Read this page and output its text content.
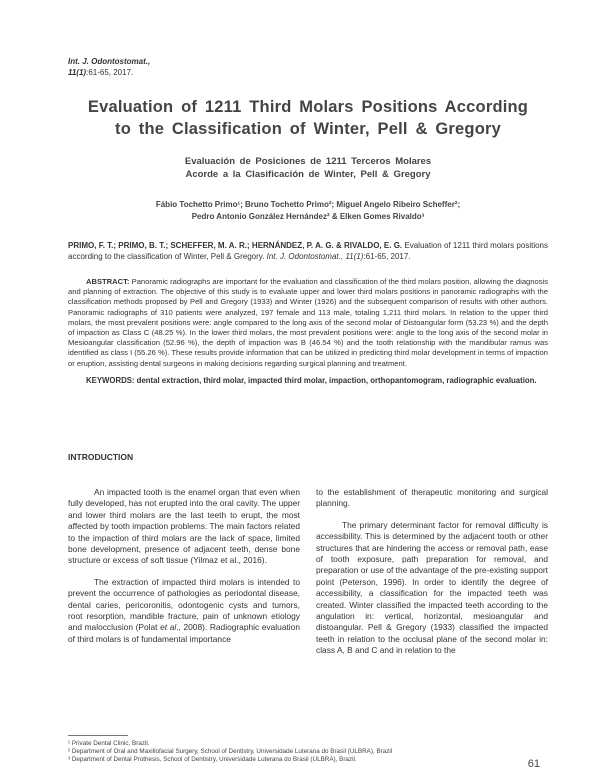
Int. J. Odontostomat.,
11(1):61-65, 2017.
Evaluation of 1211 Third Molars Positions According
to the Classification of Winter, Pell & Gregory
Evaluación de Posiciones de 1211 Terceros Molares
Acorde a la Clasificación de Winter, Pell & Gregory
Fábio Tochetto Primo¹; Bruno Tochetto Primo²; Miguel Angelo Ribeiro Scheffer²;
Pedro Antonio González Hernández² & Elken Gomes Rivaldo³
PRIMO, F. T.; PRIMO, B. T.; SCHEFFER, M. A. R.; HERNÁNDEZ, P. A. G. & RIVALDO, E. G. Evaluation of 1211 third molars positions according to the classification of Winter, Pell & Gregory. Int. J. Odontostomat., 11(1):61-65, 2017.
ABSTRACT: Panoramic radiographs are important for the evaluation and classification of the third molars position, allowing the diagnosis and planning of extraction. The objective of this study is to evaluate upper and lower third molars positions in panoramic radiographs with the classification methods proposed by Pell and Gregory (1933) and Winter (1926) and the subsequent comparison of results with other authors. Panoramic radiographs of 310 patients were analyzed, 197 female and 113 male, totaling 1,211 third molars. In relation to the upper third molars, the most prevalent positions were: angle compared to the long axis of the second molar of Distoangular form (53.23 %) and the depth of impaction as Class C (48.25 %). In the lower third molars, the most prevalent positions were: angle to the long axis of the second molar in Mesioangular classification (52.96 %), the depth of impaction was B (46.54 %) and the tooth relationship with the mandibular ramus was identified as class I (55.26 %). These results provide information that can be utilized in predicting third molar development in terms of impaction or eruption, assisting dental surgeons in making decisions regarding surgical planning and treatment.
KEYWORDS: dental extraction, third molar, impacted third molar, impaction, orthopantomogram, radiographic evaluation.
INTRODUCTION

An impacted tooth is the enamel organ that even when fully developed, has not erupted into the oral cavity. The upper and lower third molars are the last teeth to erupt, the most affected by tooth impaction problems. The main factors related to the impaction of third molars are the lack of space, limited bone development, presence of adjacent teeth, dense bone structure or excess of soft tissue (Yilmaz et al., 2016).

The extraction of impacted third molars is intended to prevent the occurrence of pathologies as periodontal disease, dental caries, pericoronitis, odontogenic cysts and tumors, root resorption, mandible fracture, pain of unknown etiology and malocclusion (Polat et al., 2008). Radiographic evaluation of third molars is of fundamental importance

to the establishment of therapeutic monitoring and surgical planning.

The primary determinant factor for removal difficulty is accessibility. This is determined by the adjacent tooth or other structures that are hindering the access or removal path, ease of tooth exposure, path preparation for removal, and preparation or use of the advantage of the pre-existing support point (Peterson, 1996). In order to identify the degree of accessibility, a classification for the impacted teeth was created. Winter classified the impacted teeth according to the angulation in: vertical, horizontal, mesioangular and distoangular. Pell & Gregory (1933) classified the impacted teeth in relation to the occlusal plane of the second molar in: class A, B and C and in relation to the

¹ Private Dental Clinic, Brazil.
² Department of Oral and Maxillofacial Surgery, School of Dentistry, Universidade Luterana do Brasil (ULBRA), Brazil
³ Department of Dental Prothesis, School of Dentistry, Universidade Luterana do Brasil (ULBRA), Brazil.	61
